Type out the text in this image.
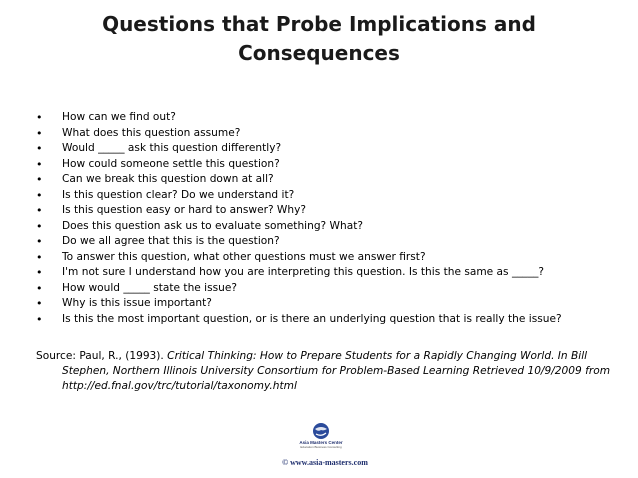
Questions that Probe Implications and
Consequences
• How can we find out?
• What does this question assume?
• Would _____ ask this question differently?
• How could someone settle this question?
• Can we break this question down at all?
• Is this question clear? Do we understand it?
• Is this question easy or hard to answer? Why?
• Does this question ask us to evaluate something? What?
• Do we all agree that this is the question?
• To answer this question, what other questions must we answer first?
• I'm not sure I understand how you are interpreting this question. Is this the same as _____?
• How would _____ state the issue?
• Why is this issue important?
• Is this the most important question, or is there an underlying question that is really the issue?
Source: Paul, R., (1993). Critical Thinking: How to Prepare Students for a Rapidly Changing World. In Bill Stephen, Northern Illinois University Consortium for Problem-Based Learning Retrieved 10/9/2009 from http://ed.fnal.gov/trc/tutorial/taxonomy.html
Asia Masters Center
Education Business Consulting
© www.asia-masters.com
